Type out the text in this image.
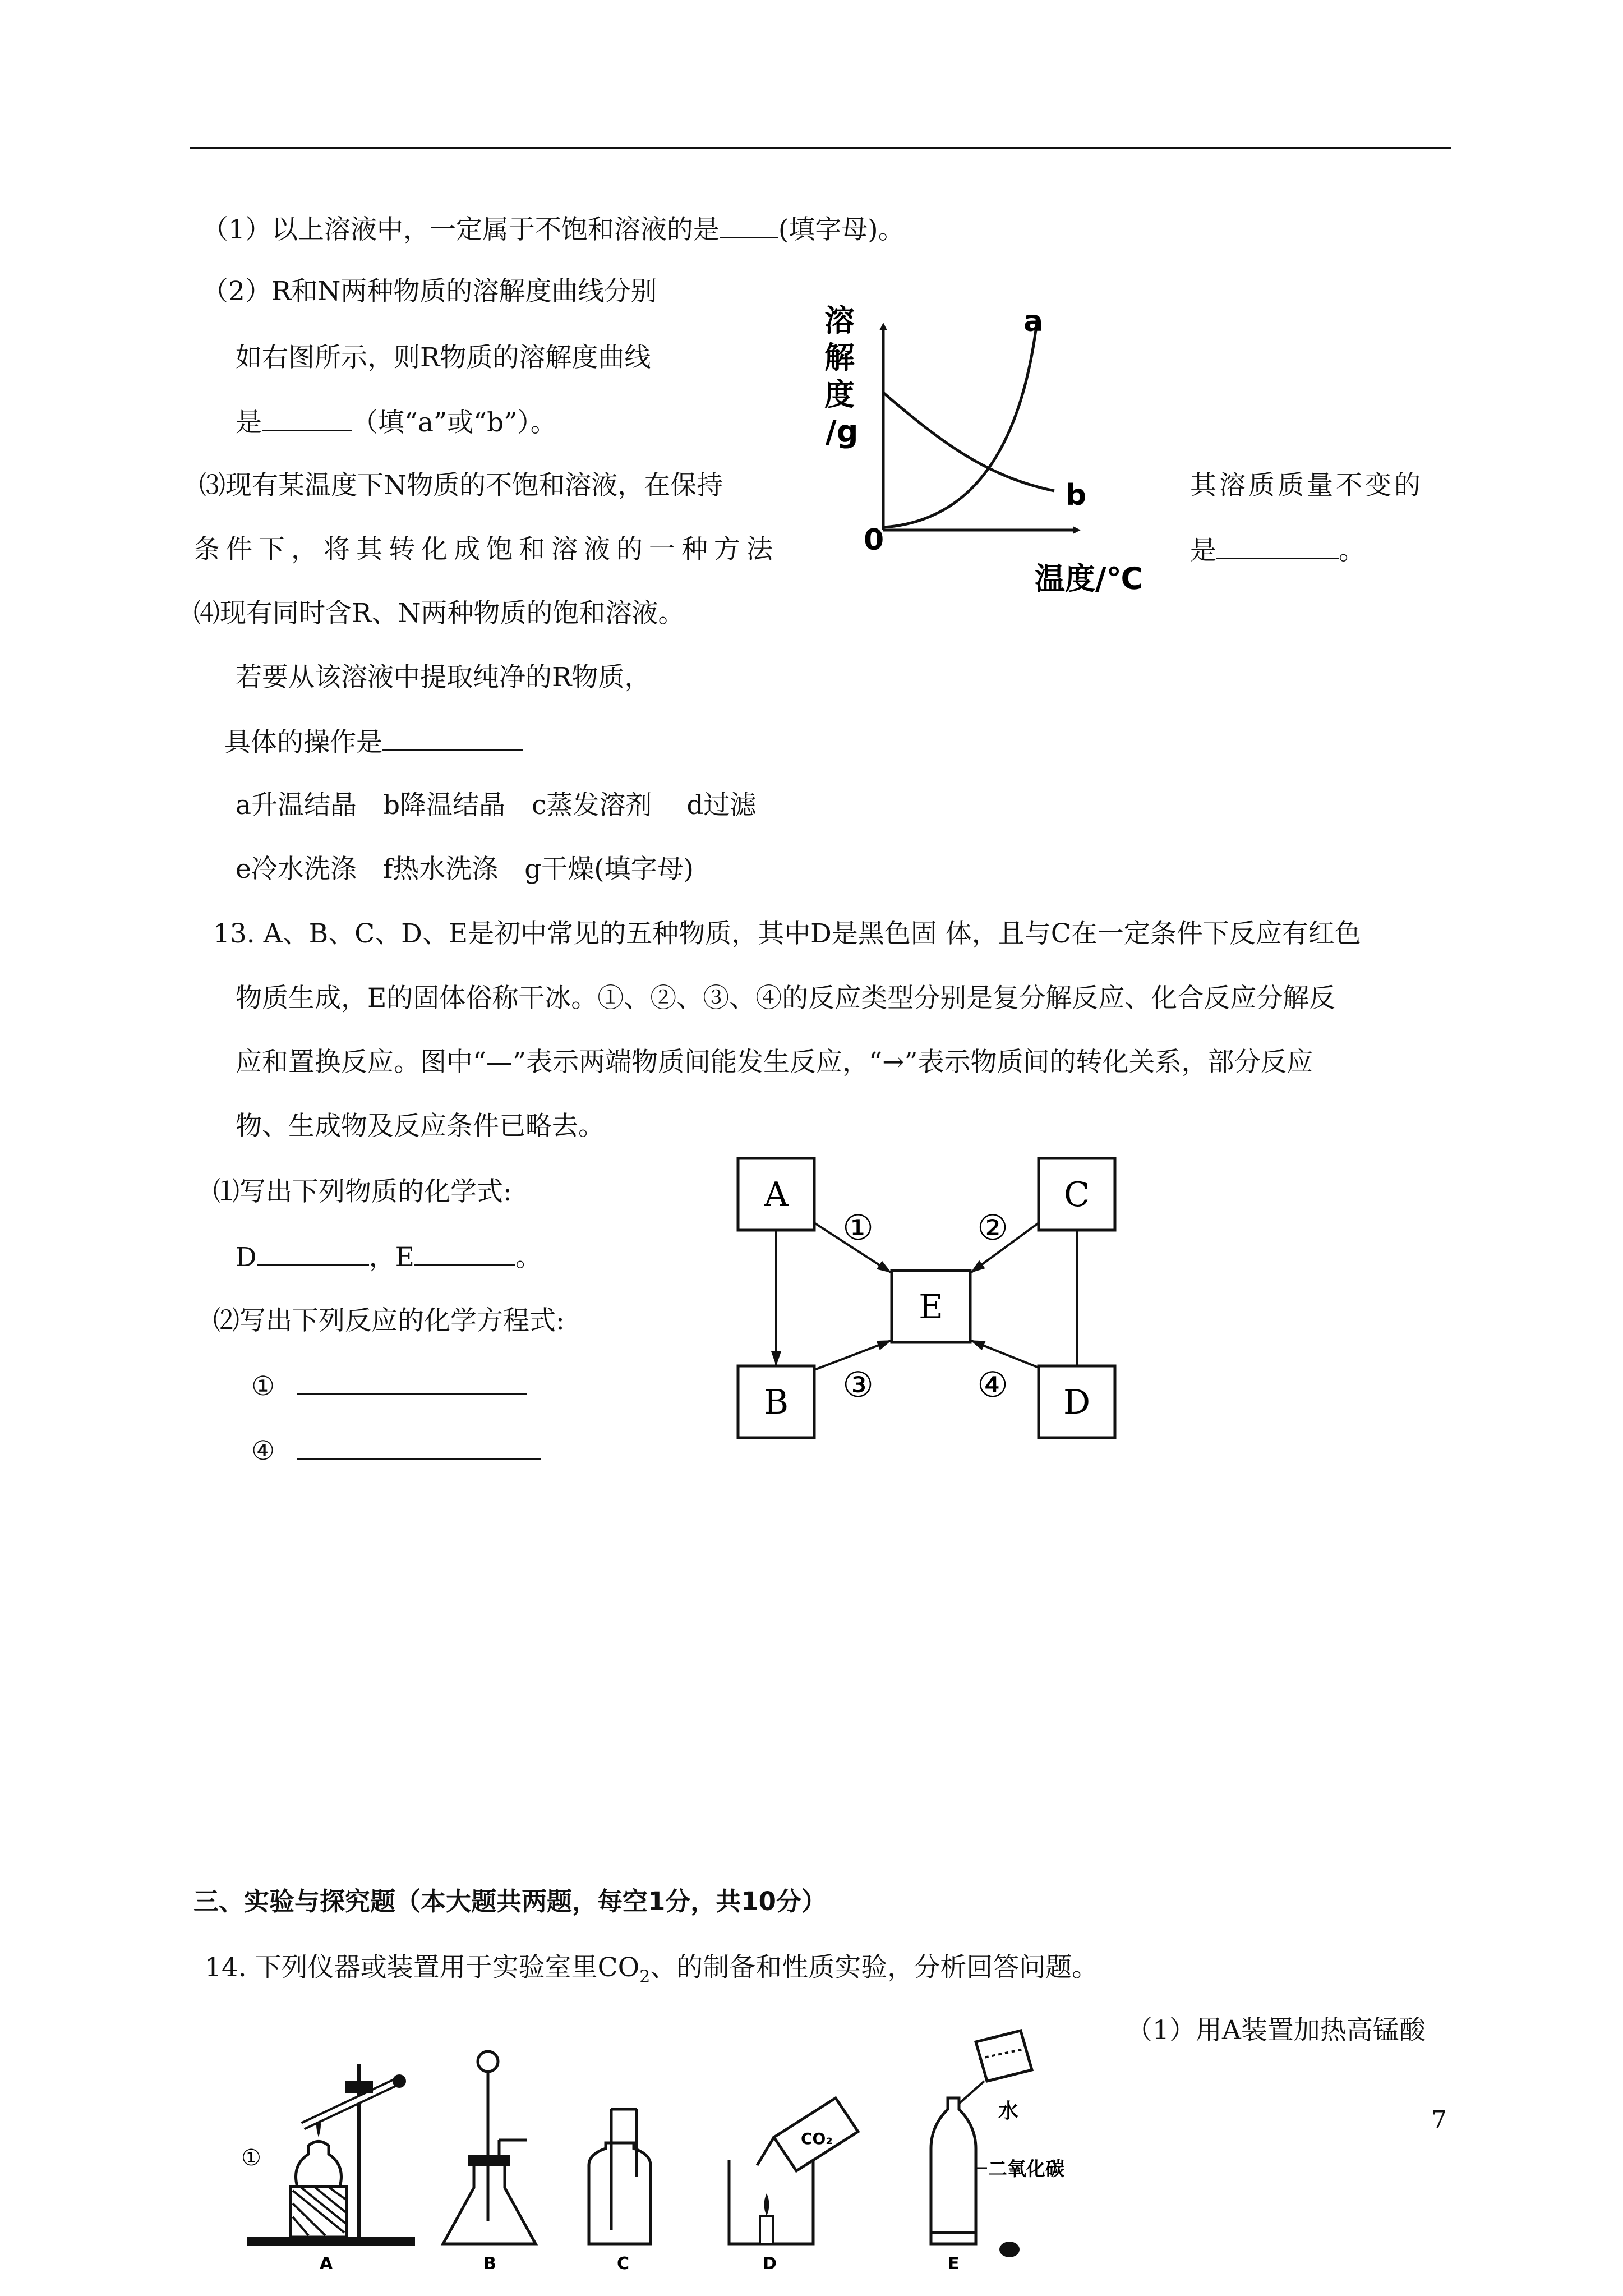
（1）以上溶液中，一定属于不饱和溶液的是 (填字母)。
（2）R和N两种物质的溶解度曲线分别
如右图所示，则R物质的溶解度曲线
是	（填“a”或“b”）。
⑶现有某温度下N物质的不饱和溶液，在保持	其溶质质量不变的
条件下，将其转化成饱和溶液的一种方法	是	。
⑷现有同时含R、N两种物质的饱和溶液。
若要从该溶液中提取纯净的R物质，
具体的操作是
a升温结晶　b降温结晶　c蒸发溶剂　 d过滤
e冷水洗涤　f热水洗涤　g干燥(填字母)
溶
解
度
/g
0
a
b
温度/℃
13. A、B、C、D、E是初中常见的五种物质，其中D是黑色固 体，且与C在一定条件下反应有红色
物质生成，E的固体俗称干冰。①、②、③、④的反应类型分别是复分解反应、化合反应分解反
应和置换反应。图中“—”表示两端物质间能发生反应，“→”表示物质间的转化关系，部分反应
物、生成物及反应条件已略去。
⑴写出下列物质的化学式:
D	，E	。
⑵写出下列反应的化学方程式:
①
④
A	C
E
B	D
①	②
③	④
三、实验与探究题（本大题共两题，每空1分，共10分）
14. 下列仪器或装置用于实验室里$CO_2$、的制备和性质实验，分析回答问题。
（1）用A装置加热高锰酸
①
CO₂
水
二氧化碳
A	B	C	D	E
7
